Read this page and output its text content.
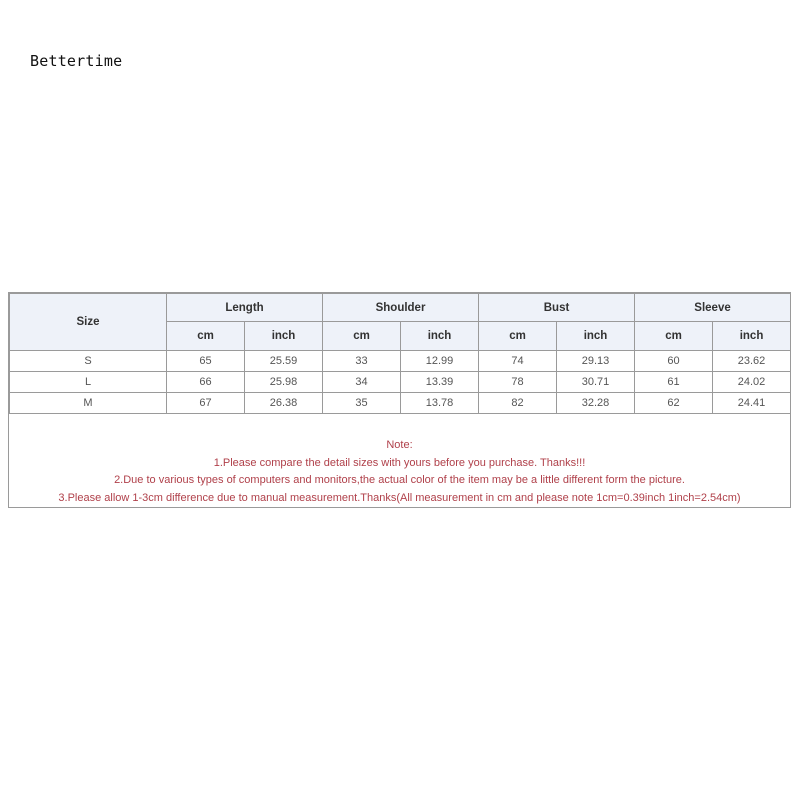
Bettertime
Size	Length		Shoulder		Bust		Sleeve	
	cm	inch	cm	inch	cm	inch	cm	inch
S	65	25.59	33	12.99	74	29.13	60	23.62
L	66	25.98	34	13.39	78	30.71	61	24.02
M	67	26.38	35	13.78	82	32.28	62	24.41
Note:
1.Please compare the detail sizes with yours before you purchase. Thanks!!!
2.Due to various types of computers and monitors,the actual color of the item may be a little different form the picture.
3.Please allow 1-3cm difference due to manual measurement.Thanks(All measurement in cm and please note 1cm=0.39inch 1inch=2.54cm)
